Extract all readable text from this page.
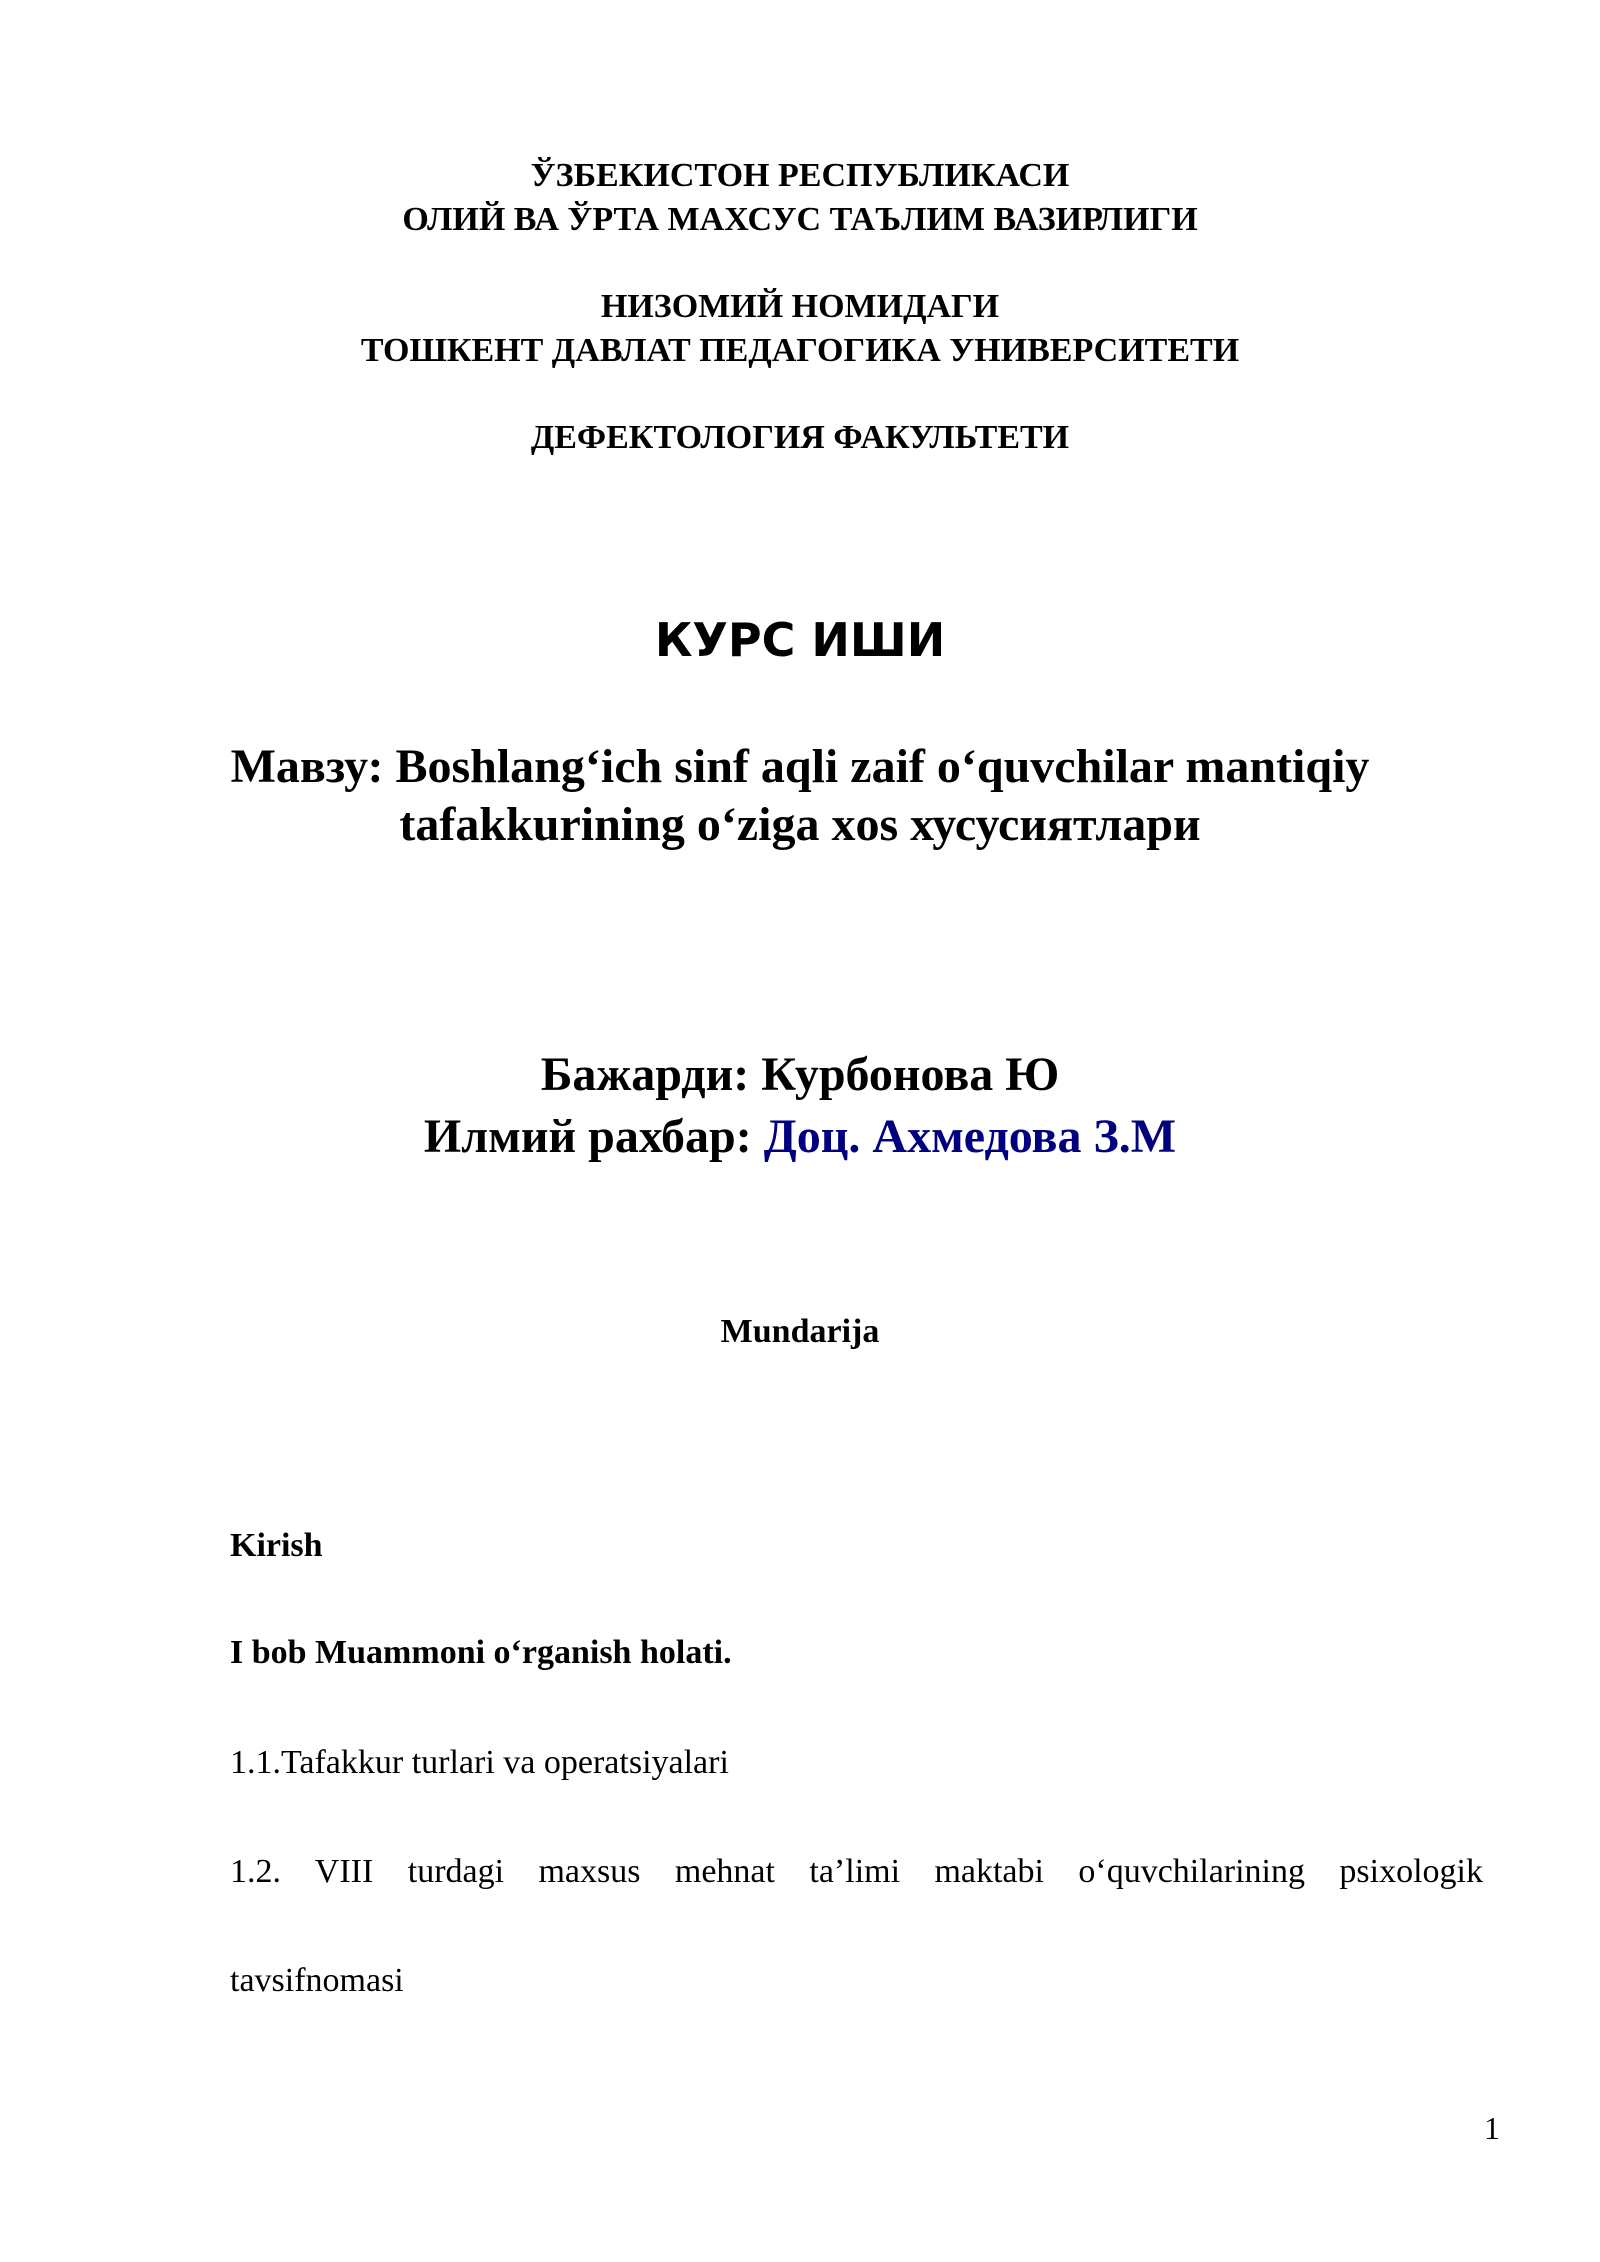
ЎЗБЕКИСТОН РЕСПУБЛИКАСИ
ОЛИЙ ВА ЎРТА МАХСУС ТАЪЛИМ ВАЗИРЛИГИ
НИЗОМИЙ НОМИДАГИ
ТОШКЕНТ ДАВЛАТ ПЕДАГОГИКА УНИВЕРСИТЕТИ
ДЕФЕКТОЛОГИЯ ФАКУЛЬТЕТИ
КУРС ИШИ
Мавзу: Boshlang‘ich sinf aqli zaif o‘quvchilar mantiqiy
tafakkurining o‘ziga xos хусусиятлари
Бажарди: Курбонова Ю
Илмий рахбар: Доц. Ахмедова З.М
Mundarija
Kirish
I bob Muammoni o‘rganish holati.
1.1.Tafakkur turlari va operatsiyalari
1.2. VIII turdagi maxsus mehnat ta’limi maktabi o‘quvchilarining psixologik
tavsifnomasi
1
